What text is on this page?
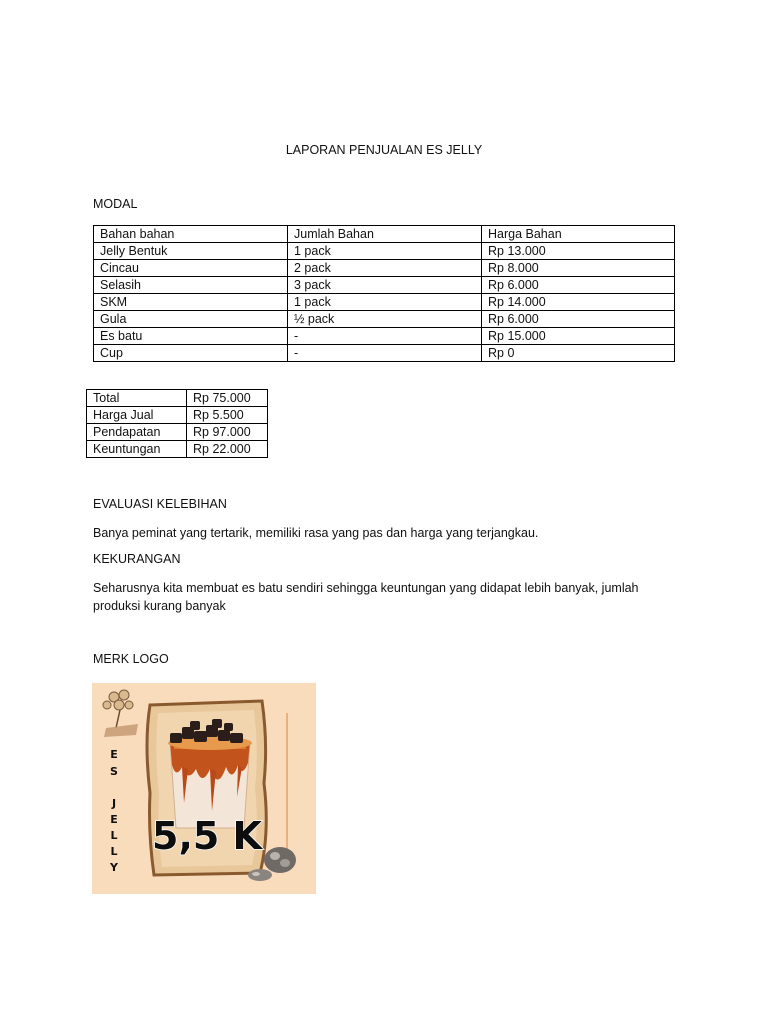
LAPORAN PENJUALAN ES JELLY
MODAL
Bahan bahan	Jumlah Bahan	Harga Bahan
Jelly Bentuk	1 pack	Rp 13.000
Cincau	2 pack	Rp 8.000
Selasih	3 pack	Rp 6.000
SKM	1 pack	Rp 14.000
Gula	½ pack	Rp 6.000
Es batu	-	Rp 15.000
Cup	-	Rp 0
Total	Rp 75.000
Harga Jual	Rp 5.500
Pendapatan	Rp 97.000
Keuntungan	Rp 22.000
EVALUASI KELEBIHAN
Banya peminat yang tertarik, memiliki rasa yang pas dan harga yang terjangkau.
KEKURANGAN
Seharusnya kita membuat es batu sendiri sehingga keuntungan yang didapat lebih banyak, jumlah produksi kurang banyak
MERK LOGO
E
S
J
E
L
L
Y
5,5 K
